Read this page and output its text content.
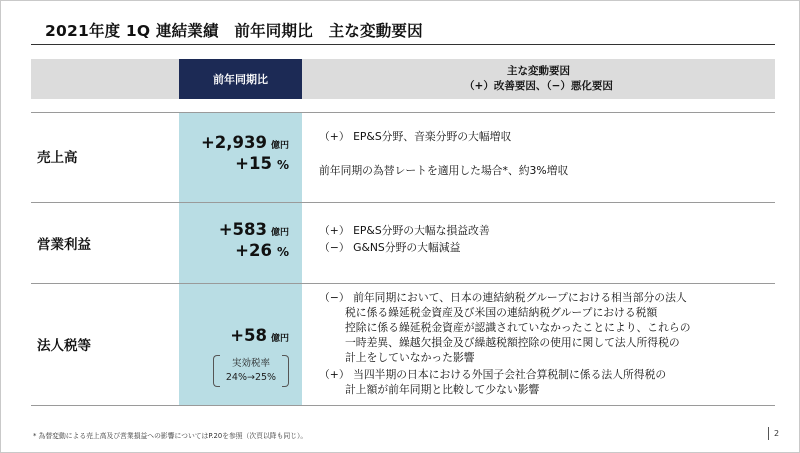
2021年度 1Q 連結業績　前年同期比　主な変動要因
前年同期比
主な変動要因
（+）改善要因、（−）悪化要因
売上高
+2,939 億円
+15 %
（+） EP&S分野、音楽分野の大幅増収
前年同期の為替レートを適用した場合*、約3%増収
営業利益
+583 億円
+26 %
（+） EP&S分野の大幅な損益改善
（−） G&NS分野の大幅減益
法人税等
+58 億円
実効税率
24%→25%
（−） 前年同期において、日本の連結納税グループにおける相当部分の法人
税に係る繰延税金資産及び米国の連結納税グループにおける税額
控除に係る繰延税金資産が認識されていなかったことにより、これらの
一時差異、繰越欠損金及び繰越税額控除の使用に関して法人所得税の
計上をしていなかった影響
（+） 当四半期の日本における外国子会社合算税制に係る法人所得税の
計上額が前年同期と比較して少ない影響
* 為替変動による売上高及び営業損益への影響についてはP.20を参照（次頁以降も同じ）。	2
